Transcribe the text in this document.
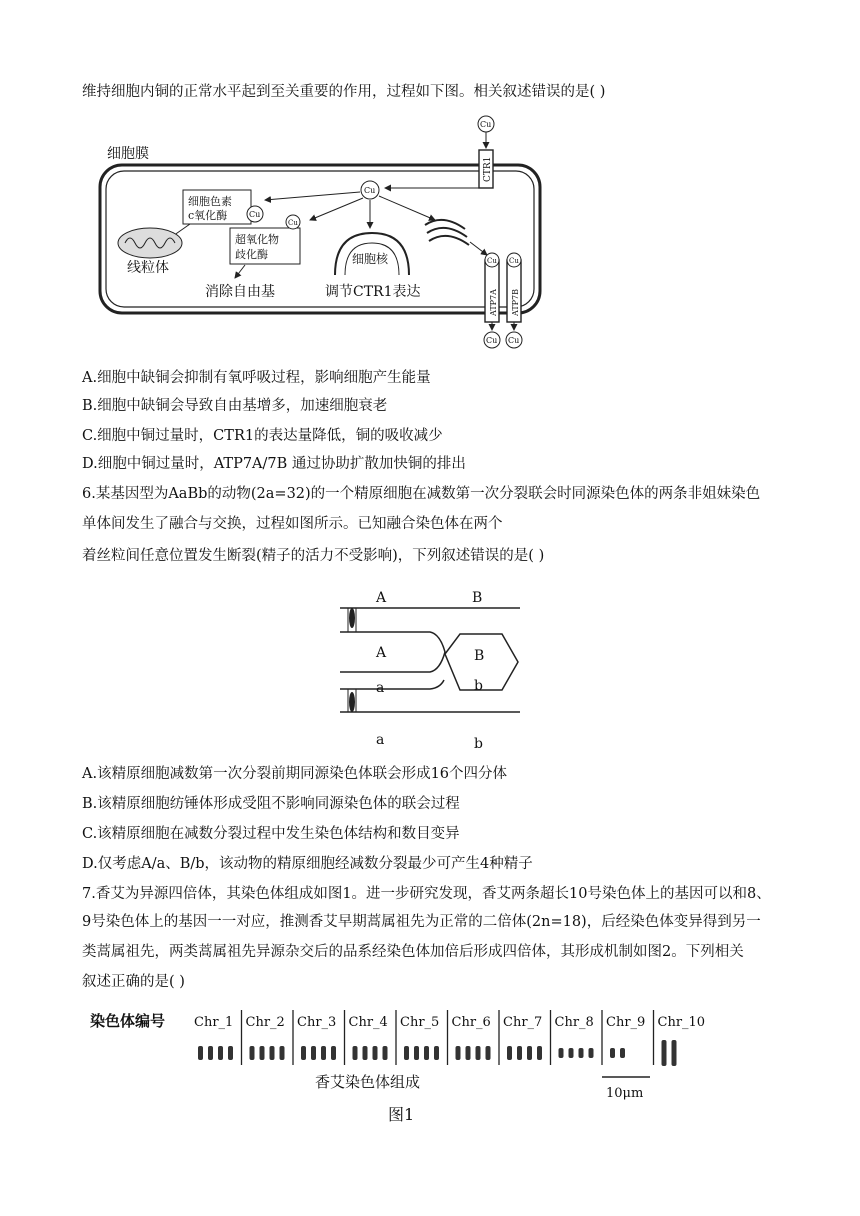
维持细胞内铜的正常水平起到至关重要的作用，过程如下图。相关叙述错误的是( )
细胞膜
CTR1
Cu
Cu
细胞色素
c氧化酶	Cu
线粒体
超氧化物
歧化酶
Cu
消除自由基
细胞核
调节CTR1表达	ATP7A ATP7B
Cu Cu
Cu Cu
A.细胞中缺铜会抑制有氧呼吸过程，影响细胞产生能量
B.细胞中缺铜会导致自由基增多，加速细胞衰老
C.细胞中铜过量时，CTR1的表达量降低，铜的吸收减少
D.细胞中铜过量时，ATP7A/7B 通过协助扩散加快铜的排出
6.某基因型为AaBb的动物(2a=32)的一个精原细胞在减数第一次分裂联会时同源染色体的两条非姐妹染色
单体间发生了融合与交换，过程如图所示。已知融合染色体在两个
着丝粒间任意位置发生断裂(精子的活力不受影响)，下列叙述错误的是( )
A	B
A	B
a	b
a	b
A.该精原细胞减数第一次分裂前期同源染色体联会形成16个四分体
B.该精原细胞纺锤体形成受阻不影响同源染色体的联会过程
C.该精原细胞在减数分裂过程中发生染色体结构和数目变异
D.仅考虑A/a、B/b，该动物的精原细胞经减数分裂最少可产生4种精子
7.香艾为异源四倍体，其染色体组成如图1。进一步研究发现，香艾两条超长10号染色体上的基因可以和8、
9号染色体上的基因一一对应，推测香艾早期蒿属祖先为正常的二倍体(2n=18)，后经染色体变异得到另一
类蒿属祖先，两类蒿属祖先异源杂交后的品系经染色体加倍后形成四倍体，其形成机制如图2。下列相关
叙述正确的是( )
染色体编号 Chr_1 Chr_2 Chr_3 Chr_4 Chr_5 Chr_6 Chr_7 Chr_8 Chr_9 Chr_10
香艾染色体组成
10μm
图1
